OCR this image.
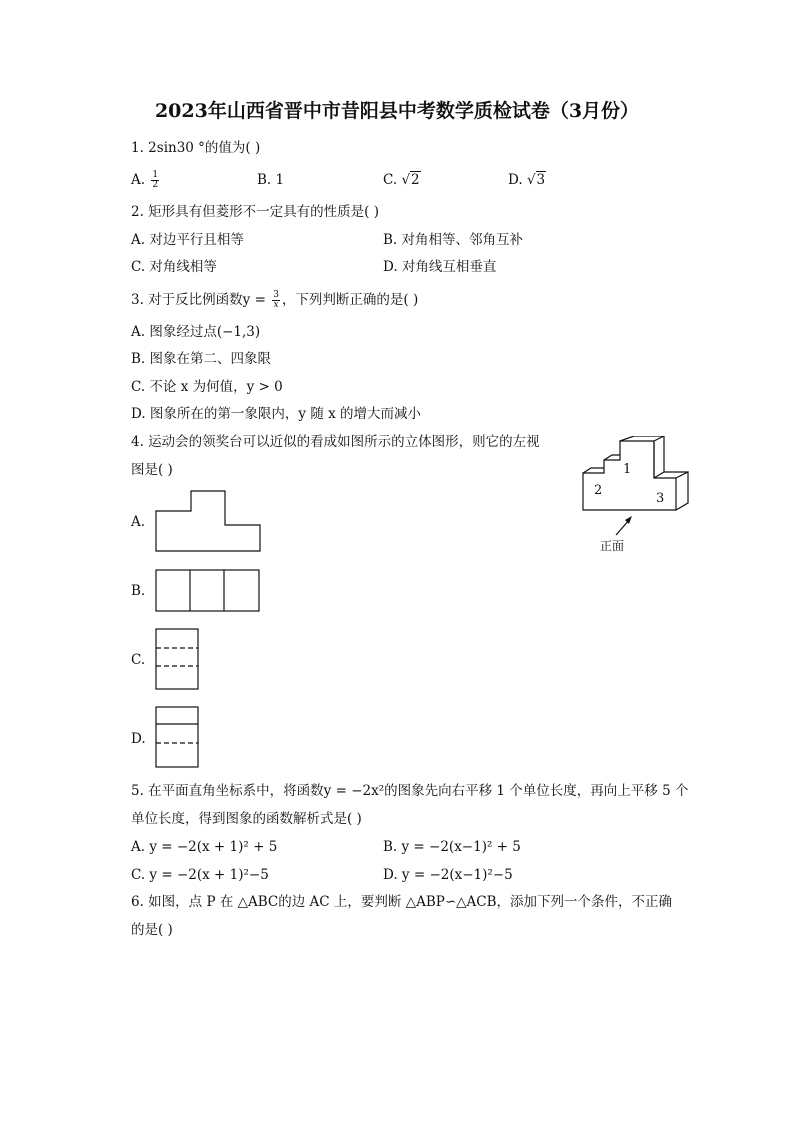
2023年山西省晋中市昔阳县中考数学质检试卷（3月份）
1. 2sin30 °的值为( )
A. $\frac{1}{2}$	B. 1	C. √2	D. √3
2. 矩形具有但菱形不一定具有的性质是( )
A. 对边平行且相等	B. 对角相等、邻角互补
C. 对角线相等	D. 对角线互相垂直
3. 对于反比例函数$y = \frac{3}{x}$ ，下列判断正确的是( )
A. 图象经过点(−1,3)
B. 图象在第二、四象限
C. 不论 x 为何值，y > 0
D. 图象所在的第一象限内，y 随 x 的增大而减小
4. 运动会的领奖台可以近似的看成如图所示的立体图形，则它的左视
图是( )	1
2
3
正面
A.
B.
C.
D.
5. 在平面直角坐标系中，将函数y = −2x²的图象先向右平移 1 个单位长度，再向上平移 5 个
单位长度，得到图象的函数解析式是( )
A. y = −2(x + 1)² + 5	B. y = −2(x−1)² + 5
C. y = −2(x + 1)²−5	D. y = −2(x−1)²−5
6. 如图，点 P 在 △ABC的边 AC 上，要判断 △ABP∽△ACB，添加下列一个条件，不正确
的是( )
